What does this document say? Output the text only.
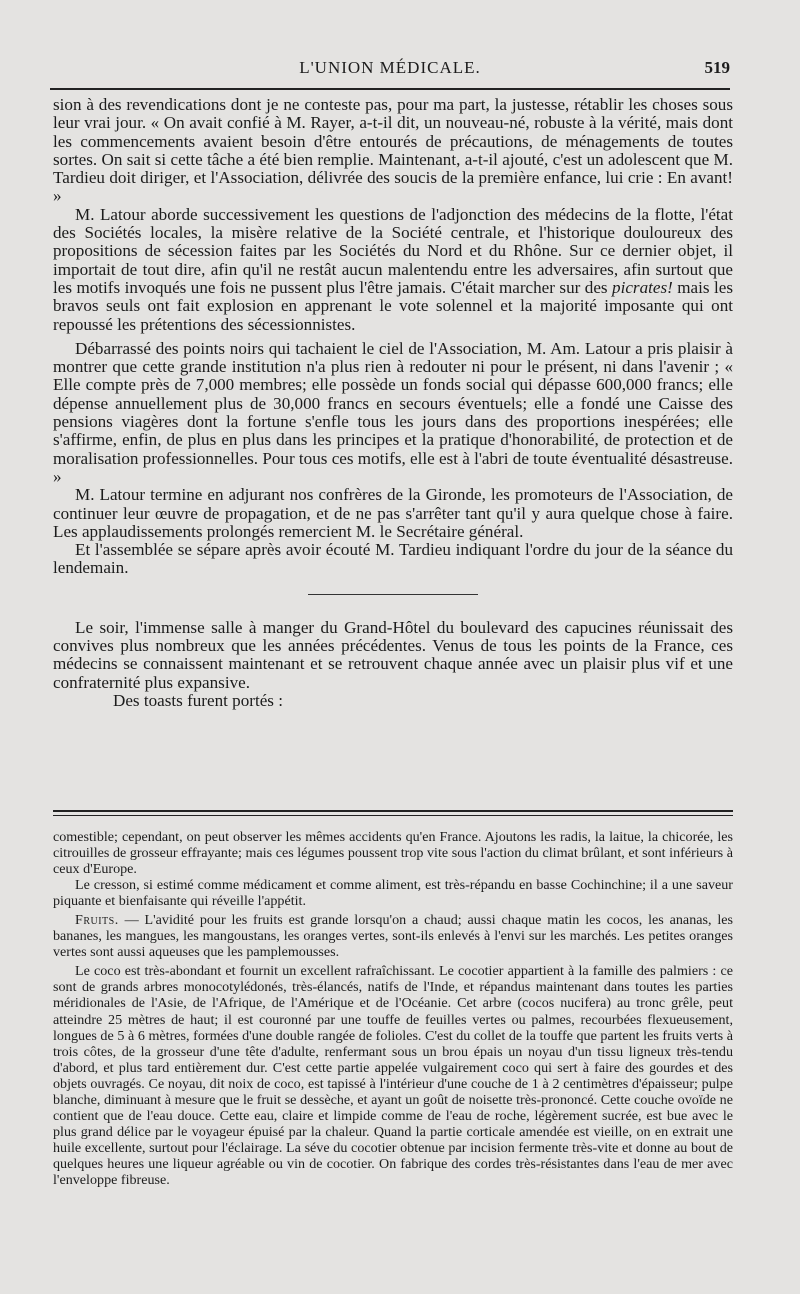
L'UNION MÉDICALE.	519

sion à des revendications dont je ne conteste pas, pour ma part, la justesse, rétablir les choses sous leur vrai jour. « On avait confié à M. Rayer, a-t-il dit, un nouveau-né, robuste à la vérité, mais dont les commencements avaient besoin d'être entourés de précautions, de ménagements de toutes sortes. On sait si cette tâche a été bien remplie. Maintenant, a-t-il ajouté, c'est un adolescent que M. Tardieu doit diriger, et l'Association, délivrée des soucis de la première enfance, lui crie : En avant! »

M. Latour aborde successivement les questions de l'adjonction des médecins de la flotte, l'état des Sociétés locales, la misère relative de la Société centrale, et l'historique douloureux des propositions de sécession faites par les Sociétés du Nord et du Rhône. Sur ce dernier objet, il importait de tout dire, afin qu'il ne restât aucun malentendu entre les adversaires, afin surtout que les motifs invoqués une fois ne pussent plus l'être jamais. C'était marcher sur des picrates! mais les bravos seuls ont fait explosion en apprenant le vote solennel et la majorité imposante qui ont repoussé les prétentions des sécessionnistes.

Débarrassé des points noirs qui tachaient le ciel de l'Association, M. Am. Latour a pris plaisir à montrer que cette grande institution n'a plus rien à redouter ni pour le présent, ni dans l'avenir ; « Elle compte près de 7,000 membres; elle possède un fonds social qui dépasse 600,000 francs; elle dépense annuellement plus de 30,000 francs en secours éventuels; elle a fondé une Caisse des pensions viagères dont la fortune s'enfle tous les jours dans des proportions inespérées; elle s'affirme, enfin, de plus en plus dans les principes et la pratique d'honorabilité, de protection et de moralisation professionnelles. Pour tous ces motifs, elle est à l'abri de toute éventualité désastreuse. »

M. Latour termine en adjurant nos confrères de la Gironde, les promoteurs de l'Association, de continuer leur œuvre de propagation, et de ne pas s'arrêter tant qu'il y aura quelque chose à faire. Les applaudissements prolongés remercient M. le Secrétaire général.

Et l'assemblée se sépare après avoir écouté M. Tardieu indiquant l'ordre du jour de la séance du lendemain.

Le soir, l'immense salle à manger du Grand-Hôtel du boulevard des capucines réunissait des convives plus nombreux que les années précédentes. Venus de tous les points de la France, ces médecins se connaissent maintenant et se retrouvent chaque année avec un plaisir plus vif et une confraternité plus expansive.

Des toasts furent portés :

comestible; cependant, on peut observer les mêmes accidents qu'en France. Ajoutons les radis, la laitue, la chicorée, les citrouilles de grosseur effrayante; mais ces légumes poussent trop vite sous l'action du climat brûlant, et sont inférieurs à ceux d'Europe.

Le cresson, si estimé comme médicament et comme aliment, est très-répandu en basse Cochinchine; il a une saveur piquante et bienfaisante qui réveille l'appétit.

Fruits. — L'avidité pour les fruits est grande lorsqu'on a chaud; aussi chaque matin les cocos, les ananas, les bananes, les mangues, les mangoustans, les oranges vertes, sont-ils enlevés à l'envi sur les marchés. Les petites oranges vertes sont aussi aqueuses que les pamplemousses.

Le coco est très-abondant et fournit un excellent rafraîchissant. Le cocotier appartient à la famille des palmiers : ce sont de grands arbres monocotylédonés, très-élancés, natifs de l'Inde, et répandus maintenant dans toutes les parties méridionales de l'Asie, de l'Afrique, de l'Amérique et de l'Océanie. Cet arbre (cocos nucifera) au tronc grêle, peut atteindre 25 mètres de haut; il est couronné par une touffe de feuilles vertes ou palmes, recourbées flexueusement, longues de 5 à 6 mètres, formées d'une double rangée de folioles. C'est du collet de la touffe que partent les fruits verts à trois côtes, de la grosseur d'une tête d'adulte, renfermant sous un brou épais un noyau d'un tissu ligneux très-tendu d'abord, et plus tard entièrement dur. C'est cette partie appelée vulgairement coco qui sert à faire des gourdes et des objets ouvragés. Ce noyau, dit noix de coco, est tapissé à l'intérieur d'une couche de 1 à 2 centimètres d'épaisseur; pulpe blanche, diminuant à mesure que le fruit se dessèche, et ayant un goût de noisette très-prononcé. Cette couche ovoïde ne contient que de l'eau douce. Cette eau, claire et limpide comme de l'eau de roche, légèrement sucrée, est bue avec le plus grand délice par le voyageur épuisé par la chaleur. Quand la partie corticale amendée est vieille, on en extrait une huile excellente, surtout pour l'éclairage. La séve du cocotier obtenue par incision fermente très-vite et donne au bout de quelques heures une liqueur agréable ou vin de cocotier. On fabrique des cordes très-résistantes dans l'eau de mer avec l'enveloppe fibreuse.
